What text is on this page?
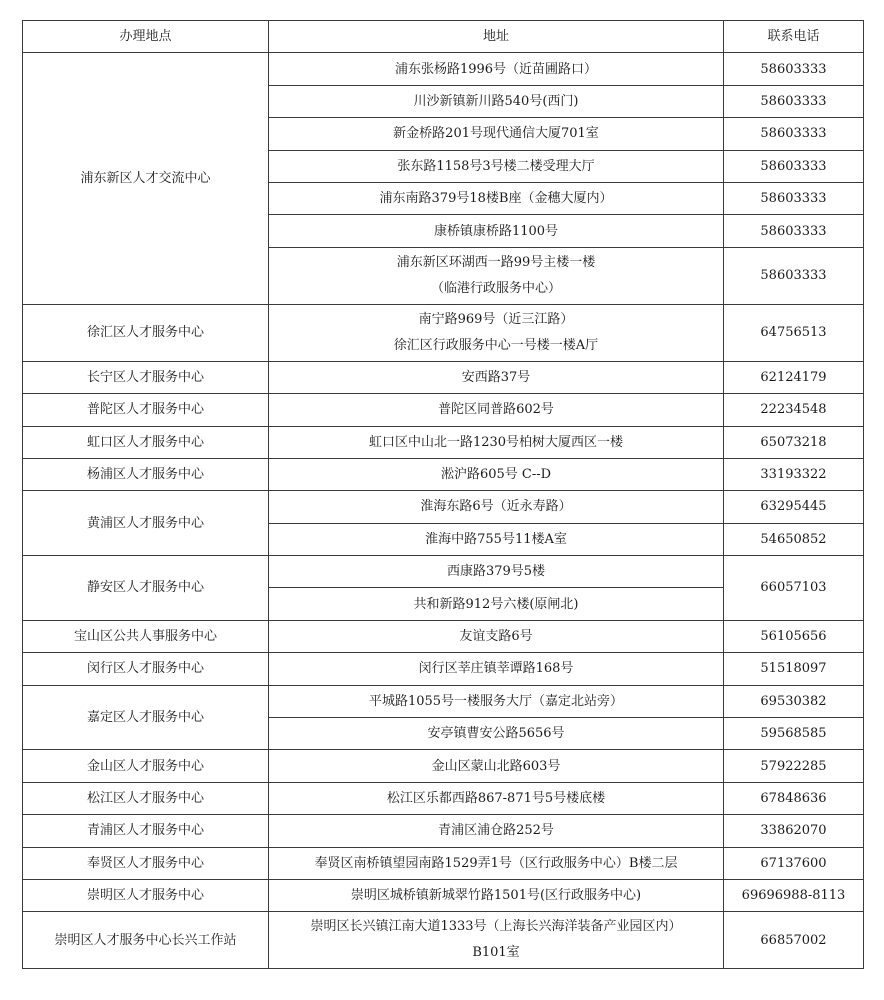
办理地点	地址	联系电话
浦东新区人才交流中心	浦东张杨路1996号（近苗圃路口）	58603333

	川沙新镇新川路540号(西门)	58603333

	新金桥路201号现代通信大厦701室	58603333

	张东路1158号3号楼二楼受理大厅	58603333

	浦东南路379号18楼B座（金穗大厦内）	58603333

	康桥镇康桥路1100号	58603333

	浦东新区环湖西一路99号主楼一楼
（临港行政服务中心）	58603333
徐汇区人才服务中心	南宁路969号（近三江路）
徐汇区行政服务中心一号楼一楼A厅	64756513
长宁区人才服务中心	安西路37号	62124179
普陀区人才服务中心	普陀区同普路602号	22234548
虹口区人才服务中心	虹口区中山北一路1230号柏树大厦西区一楼	65073218
杨浦区人才服务中心	淞沪路605号 C--D	33193322
黄浦区人才服务中心	淮海东路6号（近永寿路）	63295445

	淮海中路755号11楼A室	54650852
静安区人才服务中心	西康路379号5楼	66057103

	共和新路912号六楼(原闸北)	

宝山区公共人事服务中心	友谊支路6号	56105656
闵行区人才服务中心	闵行区莘庄镇莘谭路168号	51518097
嘉定区人才服务中心	平城路1055号一楼服务大厅（嘉定北站旁）	69530382

	安亭镇曹安公路5656号	59568585
金山区人才服务中心	金山区蒙山北路603号	57922285
松江区人才服务中心	松江区乐都西路867-871号5号楼底楼	67848636
青浦区人才服务中心	青浦区浦仓路252号	33862070
奉贤区人才服务中心	奉贤区南桥镇望园南路1529弄1号（区行政服务中心）B楼二层	67137600
崇明区人才服务中心	崇明区城桥镇新城翠竹路1501号(区行政服务中心)	69696988-8113
崇明区人才服务中心长兴工作站	崇明区长兴镇江南大道1333号（上海长兴海洋装备产业园区内）
B101室	66857002
